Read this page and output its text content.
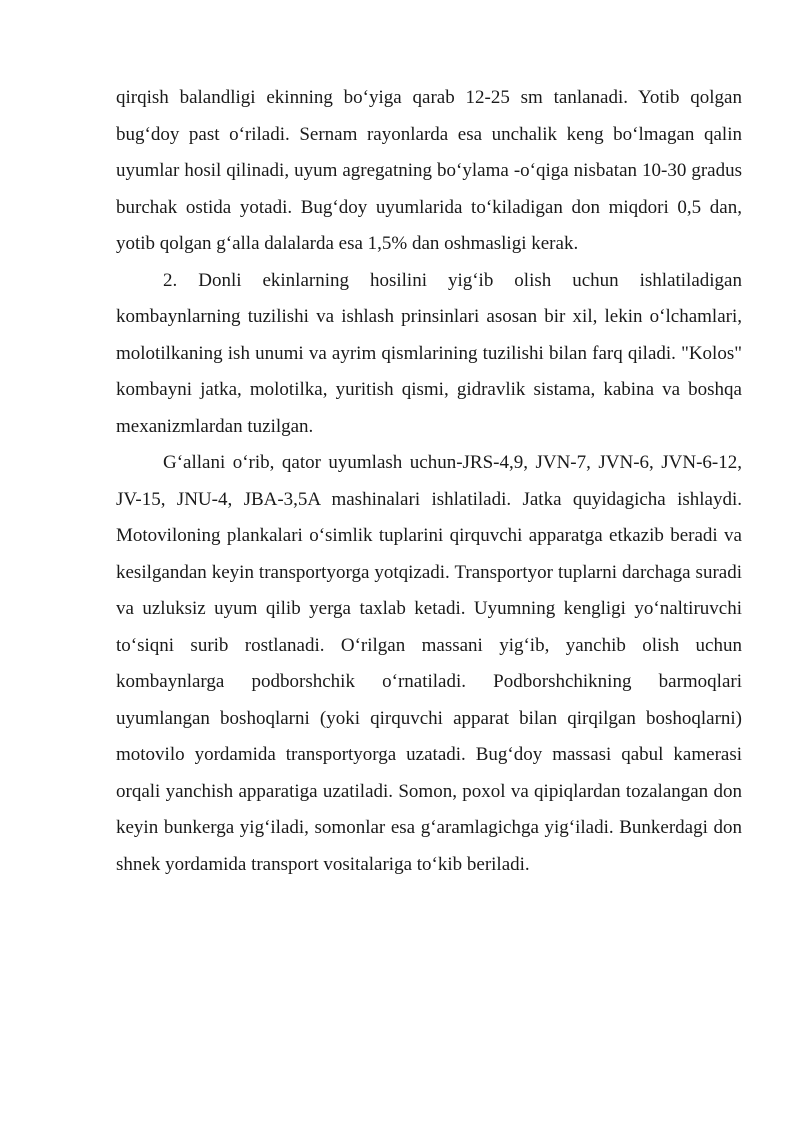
qirqish balandligi ekinning bo‘yiga qarab 12-25 sm tanlanadi. Yotib qolgan bug‘doy past o‘riladi. Sernam rayonlarda esa unchalik keng bo‘lmagan qalin uyumlar hosil qilinadi, uyum agregatning bo‘ylama -o‘qiga nisbatan 10-30 gradus burchak ostida yotadi. Bug‘doy uyumlarida to‘kiladigan don miqdori 0,5 dan, yotib qolgan g‘alla dalalarda esa 1,5% dan oshmasligi kerak.

2. Donli ekinlarning hosilini yig‘ib olish uchun ishlatiladigan kombaynlarning tuzilishi va ishlash prinsinlari asosan bir xil, lekin o‘lchamlari, molotilkaning ish unumi va ayrim qismlarining tuzilishi bilan farq qiladi. "Kolos" kombayni jatka, molotilka, yuritish qismi, gidravlik sistama, kabina va boshqa mexanizmlardan tuzilgan.

G‘allani o‘rib, qator uyumlash uchun-JRS-4,9, JVN-7, JVN-6, JVN-6-12, JV-15, JNU-4, JBA-3,5A mashinalari ishlatiladi. Jatka quyidagicha ishlaydi. Motoviloning plankalari o‘simlik tuplarini qirquvchi apparatga etkazib beradi va kesilgandan keyin transportyorga yotqizadi. Transportyor tuplarni darchaga suradi va uzluksiz uyum qilib yerga taxlab ketadi. Uyumning kengligi yo‘naltiruvchi to‘siqni surib rostlanadi. O‘rilgan massani yig‘ib, yanchib olish uchun kombaynlarga podborshchik o‘rnatiladi. Podborshchikning barmoqlari uyumlangan boshoqlarni (yoki qirquvchi apparat bilan qirqilgan boshoqlarni) motovilo yordamida transportyorga uzatadi. Bug‘doy massasi qabul kamerasi orqali yanchish apparatiga uzatiladi. Somon, poxol va qipiqlardan tozalangan don keyin bunkerga yig‘iladi, somonlar esa g‘aramlagichga yig‘iladi. Bunkerdagi don shnek yordamida transport vositalariga to‘kib beriladi.
